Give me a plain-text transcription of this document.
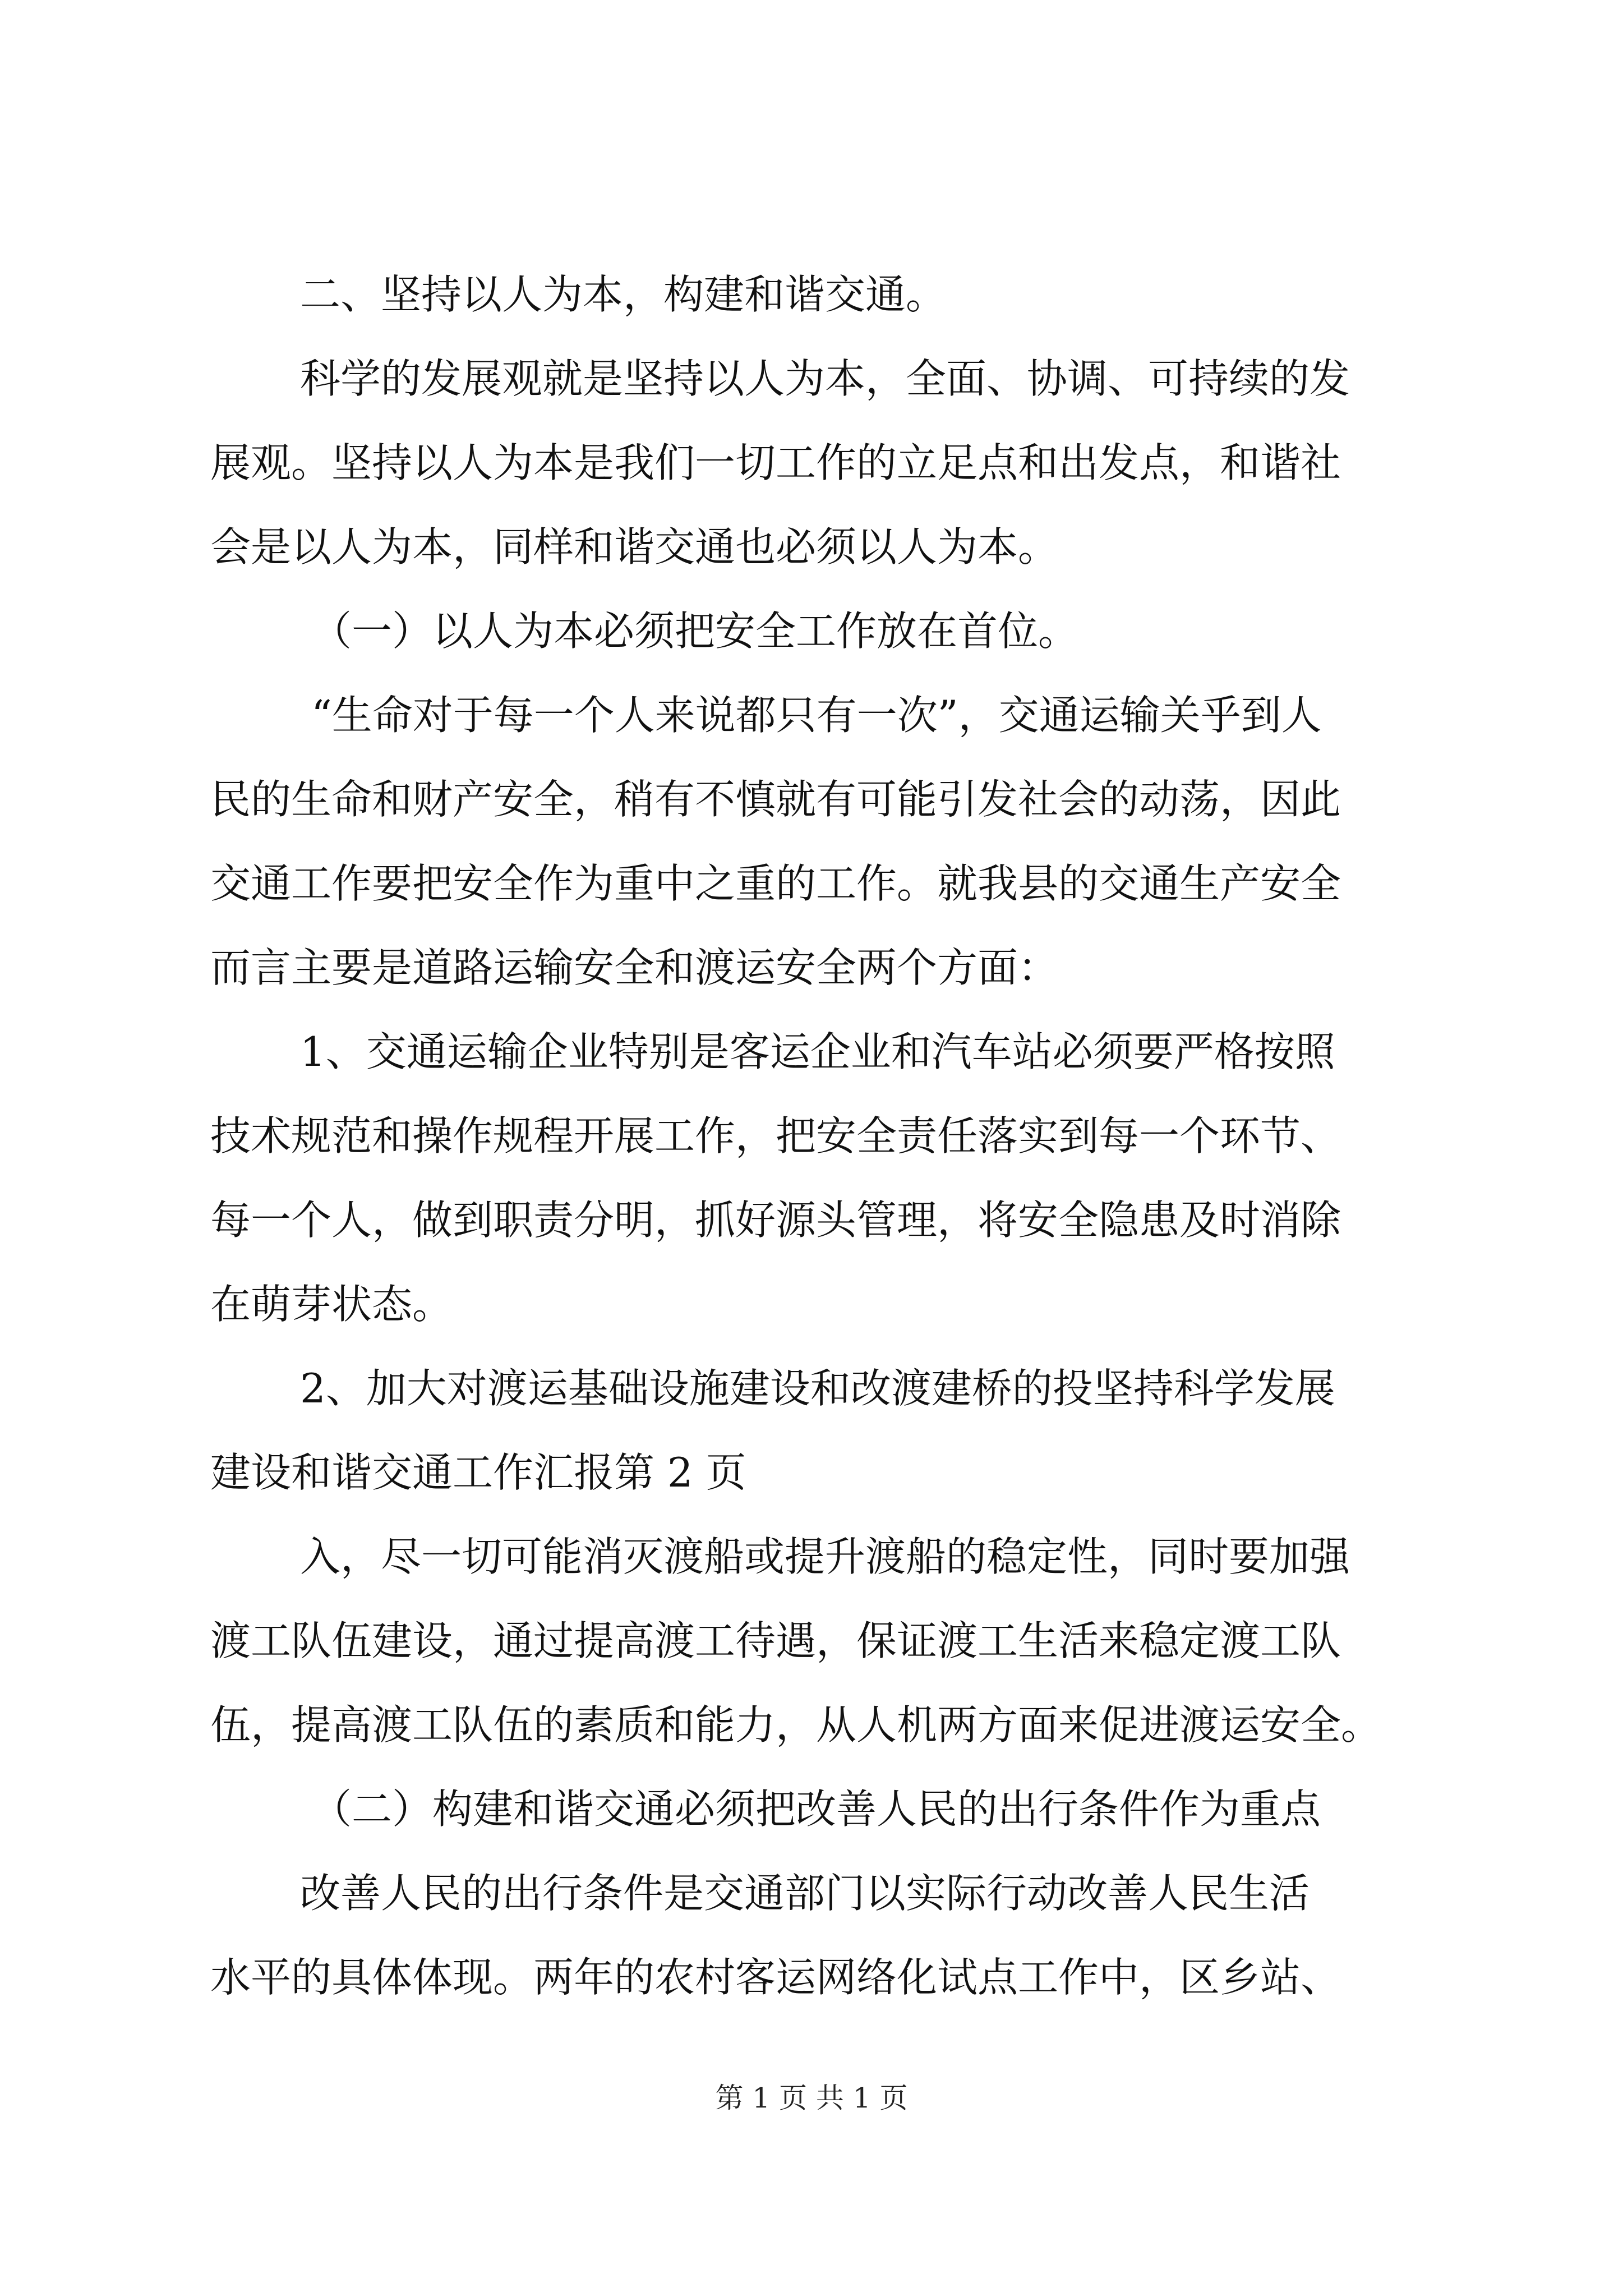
二、坚持以人为本，构建和谐交通。

科学的发展观就是坚持以人为本，全面、协调、可持续的发

展观。坚持以人为本是我们一切工作的立足点和出发点，和谐社

会是以人为本，同样和谐交通也必须以人为本。

（一）以人为本必须把安全工作放在首位。

“生命对于每一个人来说都只有一次”，交通运输关乎到人

民的生命和财产安全，稍有不慎就有可能引发社会的动荡，因此

交通工作要把安全作为重中之重的工作。就我县的交通生产安全

而言主要是道路运输安全和渡运安全两个方面：

1、交通运输企业特别是客运企业和汽车站必须要严格按照

技术规范和操作规程开展工作，把安全责任落实到每一个环节、

每一个人，做到职责分明，抓好源头管理，将安全隐患及时消除

在萌芽状态。

2、加大对渡运基础设施建设和改渡建桥的投坚持科学发展

建设和谐交通工作汇报第 2 页

入，尽一切可能消灭渡船或提升渡船的稳定性，同时要加强

渡工队伍建设，通过提高渡工待遇，保证渡工生活来稳定渡工队

伍，提高渡工队伍的素质和能力，从人机两方面来促进渡运安全。

（二）构建和谐交通必须把改善人民的出行条件作为重点

改善人民的出行条件是交通部门以实际行动改善人民生活

水平的具体体现。两年的农村客运网络化试点工作中，区乡站、

第 1 页 共 1 页
